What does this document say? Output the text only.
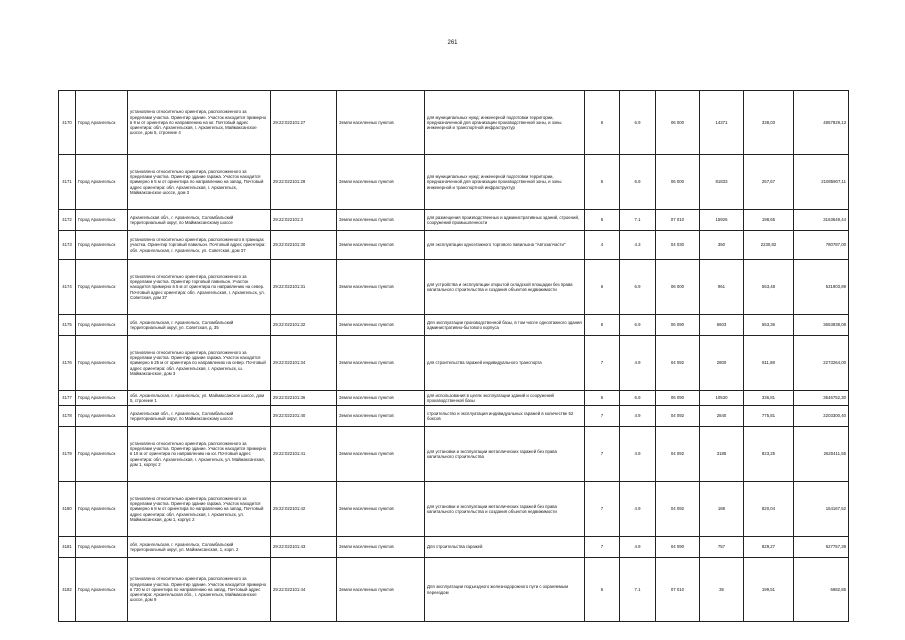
261
4170	Город Архангельск	установлено относительно ориентира, расположенного за пределами участка. Ориентир здание. Участок находится примерно в 9 м от ориентира по направлению на юг. Почтовый адрес ориентира: обл. Архангельская, г. Архангельск, Маймаксанское шоссе, дом 5, строение 4	29:22:022101:27	Земли населенных пунктов	для муниципальных нужд: инженерной подготовки территории, предназначенной для организации производственной зоны, и зоны инженерной и транспортной инфраструктур	6	6.9	06 000	14371	338,03	4857829,13
4171	Город Архангельск	установлено относительно ориентира, расположенного за пределами участка. Ориентир здание гаража. Участок находится примерно в 5 м от ориентира по направлению на запад. Почтовый адрес ориентира: обл. Архангельская, г. Архангельск, Маймаксанское шоссе, дом 3	29:22:022101:28	Земли населенных пунктов	для муниципальных нужд: инженерной подготовки территории, предназначенной для организации производственной зоны, и зоны инженерной и транспортной инфраструктур	6	6.9	06 000	81833	257,67	21085907,11
4172	Город Архангельск	Архангельская обл., г. Архангельск, Соломбальский территориальный округ, по Маймаксанскому шоссе	29:22:022101:3	Земли населенных пунктов	для размещения производственных и административных зданий, строений, сооружений промышленности	6	7.1	07 010	15926	198,65	3163649,44
4173	Город Архангельск	установлено относительно ориентира, расположенного в границах участка. Ориентир торговый павильон. Почтовый адрес ориентира: обл. Архангельская, г. Архангельск, ул. Советская, дом 37	29:22:022101:30	Земли населенных пунктов	для эксплуатации одноэтажного торгового павильона "Автозапчасти"	4	4.3	04 030	350	2230,82	780787,00
4174	Город Архангельск	установлено относительно ориентира, расположенного за пределами участка. Ориентир торговый павильон. Участок находится примерно в 5 м от ориентира по направлению на север. Почтовый адрес ориентира: обл. Архангельская, г. Архангельск, ул. Советская, дом 37	29:22:022101:31	Земли населенных пунктов	для устройства и эксплуатации открытой складской площадки без права капитального строительства и создания объектов недвижимости	6	6.9	06 000	961	553,48	531903,89
4175	Город Архангельск	обл. Архангельская, г. Архангельск, Соломбальский территориальный округ, ул. Советская, д. 35	29:22:022101:32	Земли населенных пунктов	Для эксплуатации производственной базы, в том числе одноэтажного здания административно-бытового корпуса	6	6.9	06 090	6603	553,36	3653838,08
4176	Город Архангельск	установлено относительно ориентира, расположенного за пределами участка. Ориентир здание гаража. Участок находится примерно в 25 м от ориентира по направлению на север. Почтовый адрес ориентира: обл. Архангельская, г. Архангельск, ш. Маймаксанское, дом 3	29:22:022101:34	Земли населенных пунктов	для строительства гаражей индивидуального транспорта	7	4.9	04 092	2800	811,88	2273264,00
4177	Город Архангельск	обл. Архангельская, г. Архангельск, ул. Маймаксанское шоссе, дом 5, строение 1	29:22:022101:36	Земли населенных пунктов	для использования в целях эксплуатации зданий и сооружений производственной базы	6	6.9	06 090	10530	336,81	3546752,30
4178	Город Архангельск	Архангельская обл., г. Архангельск, Соломбальский территориальный округ, по Маймаксанскому шоссе	29:22:022101:40	Земли населенных пунктов	строительство и эксплуатация индивидуальных гаражей в количестве 52 боксов	7	4.9	04 092	2840	775,81	2203300,40
4179	Город Архангельск	установлено относительно ориентира, расположенного за пределами участка. Ориентир здание. Участок находится примерно в 10 м от ориентира по направлению на юг. Почтовый адрес ориентира: обл. Архангельская, г. Архангельск, ул. Маймаксанская, дом 1, корпус 2	29:22:022101:41	Земли населенных пунктов	для установки и эксплуатации металлических гаражей без права капитального строительства	7	4.9	04 092	3185	823,25	2620411,55
4180	Город Архангельск	установлено относительно ориентира, расположенного за пределами участка. Ориентир здание гаража. Участок находится примерно в 8 м от ориентира по направлению на запад. Почтовый адрес ориентира: обл. Архангельская, г. Архангельск, ул. Маймаксанская, дом 1, корпус 2	29:22:022101:42	Земли населенных пунктов	для установки и эксплуатации металлических гаражей без права капитального строительства и создания объектов недвижимости	7	4.9	04 092	188	820,04	154167,52
4181	Город Архангельск	обл. Архангельская, г. Архангельск, Соломбальский территориальный округ, ул. Маймаксанская, 1, корп. 2	29:22:022101:43	Земли населенных пунктов	Для строительства гаражей	7	4.9	04 090	757	829,27	627757,39
4182	Город Архангельск	установлено относительно ориентира, расположенного за пределами участка. Ориентир здание. Участок находится примерно в 720 м от ориентира по направлению на запад. Почтовый адрес ориентира: Архангельская обл., г. Архангельск, Маймаксанское шоссе, дом 9	29:22:022101:44	Земли населенных пунктов	Для эксплуатации подъездного железнодорожного пути с охраняемым переездом	6	7.1	07 010	35	199,51	6982,85
